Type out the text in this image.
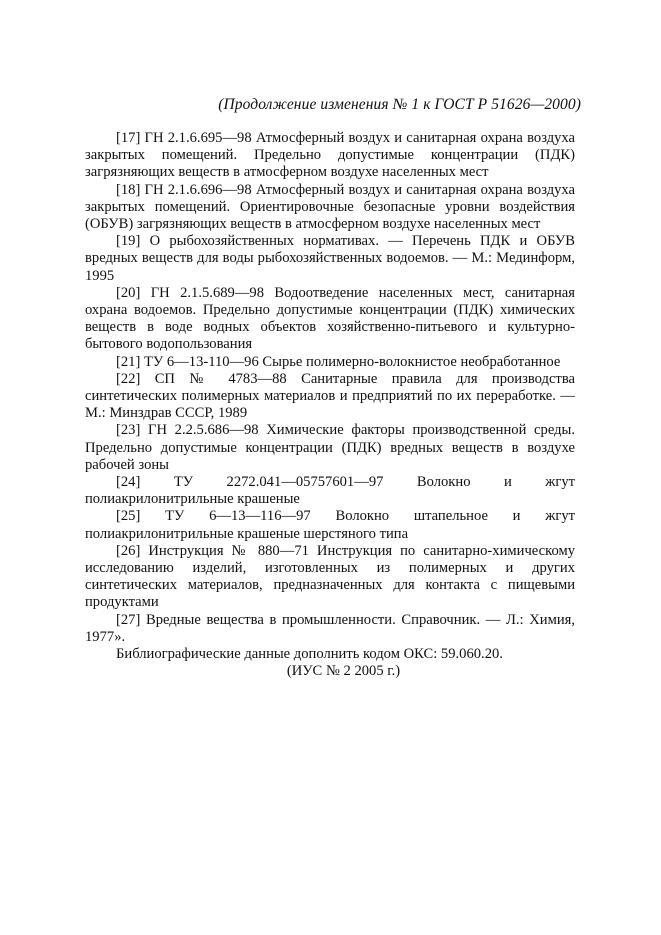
(Продолжение изменения № 1 к ГОСТ Р 51626—2000)

[17] ГН 2.1.6.695—98 Атмосферный воздух и санитарная охрана воздуха закрытых помещений. Предельно допустимые концентрации (ПДК) загрязняющих веществ в атмосферном воздухе населенных мест

[18] ГН 2.1.6.696—98 Атмосферный воздух и санитарная охрана воздуха закрытых помещений. Ориентировочные безопасные уровни воздействия (ОБУВ) загрязняющих веществ в атмосферном воздухе населенных мест

[19] О рыбохозяйственных нормативах. — Перечень ПДК и ОБУВ вредных веществ для воды рыбохозяйственных водоемов. — М.: Мединформ, 1995

[20] ГН 2.1.5.689—98 Водоотведение населенных мест, санитарная охрана водоемов. Предельно допустимые концентрации (ПДК) химических веществ в воде водных объектов хозяйственно-питьевого и культурно-бытового водопользования

[21] ТУ 6—13-110—96 Сырье полимерно-волокнистое необработанное

[22] СП № 4783—88 Санитарные правила для производства синтетических полимерных материалов и предприятий по их переработке. — М.: Минздрав СССР, 1989

[23] ГН 2.2.5.686—98 Химические факторы производственной среды. Предельно допустимые концентрации (ПДК) вредных веществ в воздухе рабочей зоны

[24] ТУ 2272.041—05757601—97 Волокно и жгут полиакрилонитрильные крашеные

[25] ТУ 6—13—116—97 Волокно штапельное и жгут полиакрилонитрильные крашеные шерстяного типа

[26] Инструкция № 880—71 Инструкция по санитарно-химическому исследованию изделий, изготовленных из полимерных и других синтетических материалов, предназначенных для контакта с пищевыми продуктами

[27] Вредные вещества в промышленности. Справочник. — Л.: Химия, 1977».

Библиографические данные дополнить кодом ОКС: 59.060.20.

(ИУС № 2 2005 г.)
